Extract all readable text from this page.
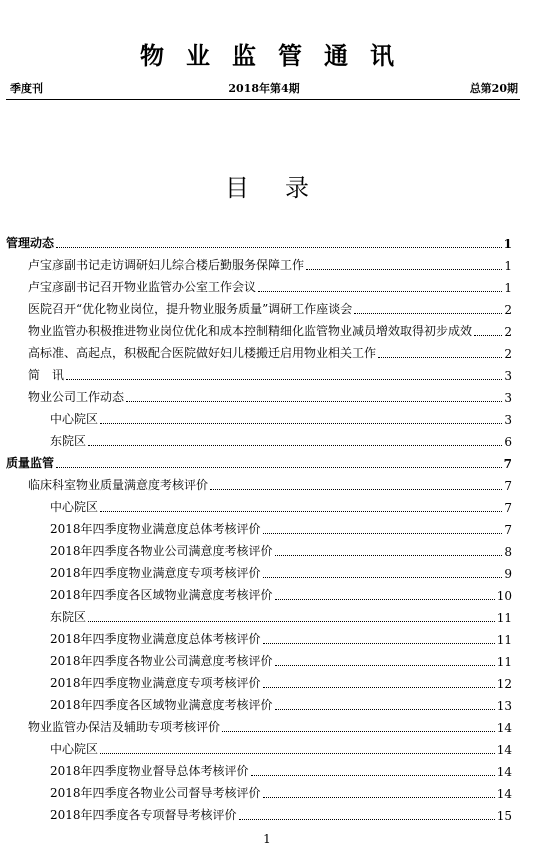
物业监管通讯
2018年第4期
季度刊	总第20期
目录
管理动态	1
卢宝彦副书记走访调研妇儿综合楼后勤服务保障工作	1
卢宝彦副书记召开物业监管办公室工作会议	1
医院召开“优化物业岗位，提升物业服务质量”调研工作座谈会	2
物业监管办积极推进物业岗位优化和成本控制精细化监管物业减员增效取得初步成效	2
高标准、高起点，积极配合医院做好妇儿楼搬迁启用物业相关工作	2
简　讯	3
物业公司工作动态	3
中心院区	3
东院区	6
质量监管	7
临床科室物业质量满意度考核评价	7
中心院区	7
2018年四季度物业满意度总体考核评价	7
2018年四季度各物业公司满意度考核评价	8
2018年四季度物业满意度专项考核评价	9
2018年四季度各区域物业满意度考核评价	10
东院区	11
2018年四季度物业满意度总体考核评价	11
2018年四季度各物业公司满意度考核评价	11
2018年四季度物业满意度专项考核评价	12
2018年四季度各区域物业满意度考核评价	13
物业监管办保洁及辅助专项考核评价	14
中心院区	14
2018年四季度物业督导总体考核评价	14
2018年四季度各物业公司督导考核评价	14
2018年四季度各专项督导考核评价	15
1
